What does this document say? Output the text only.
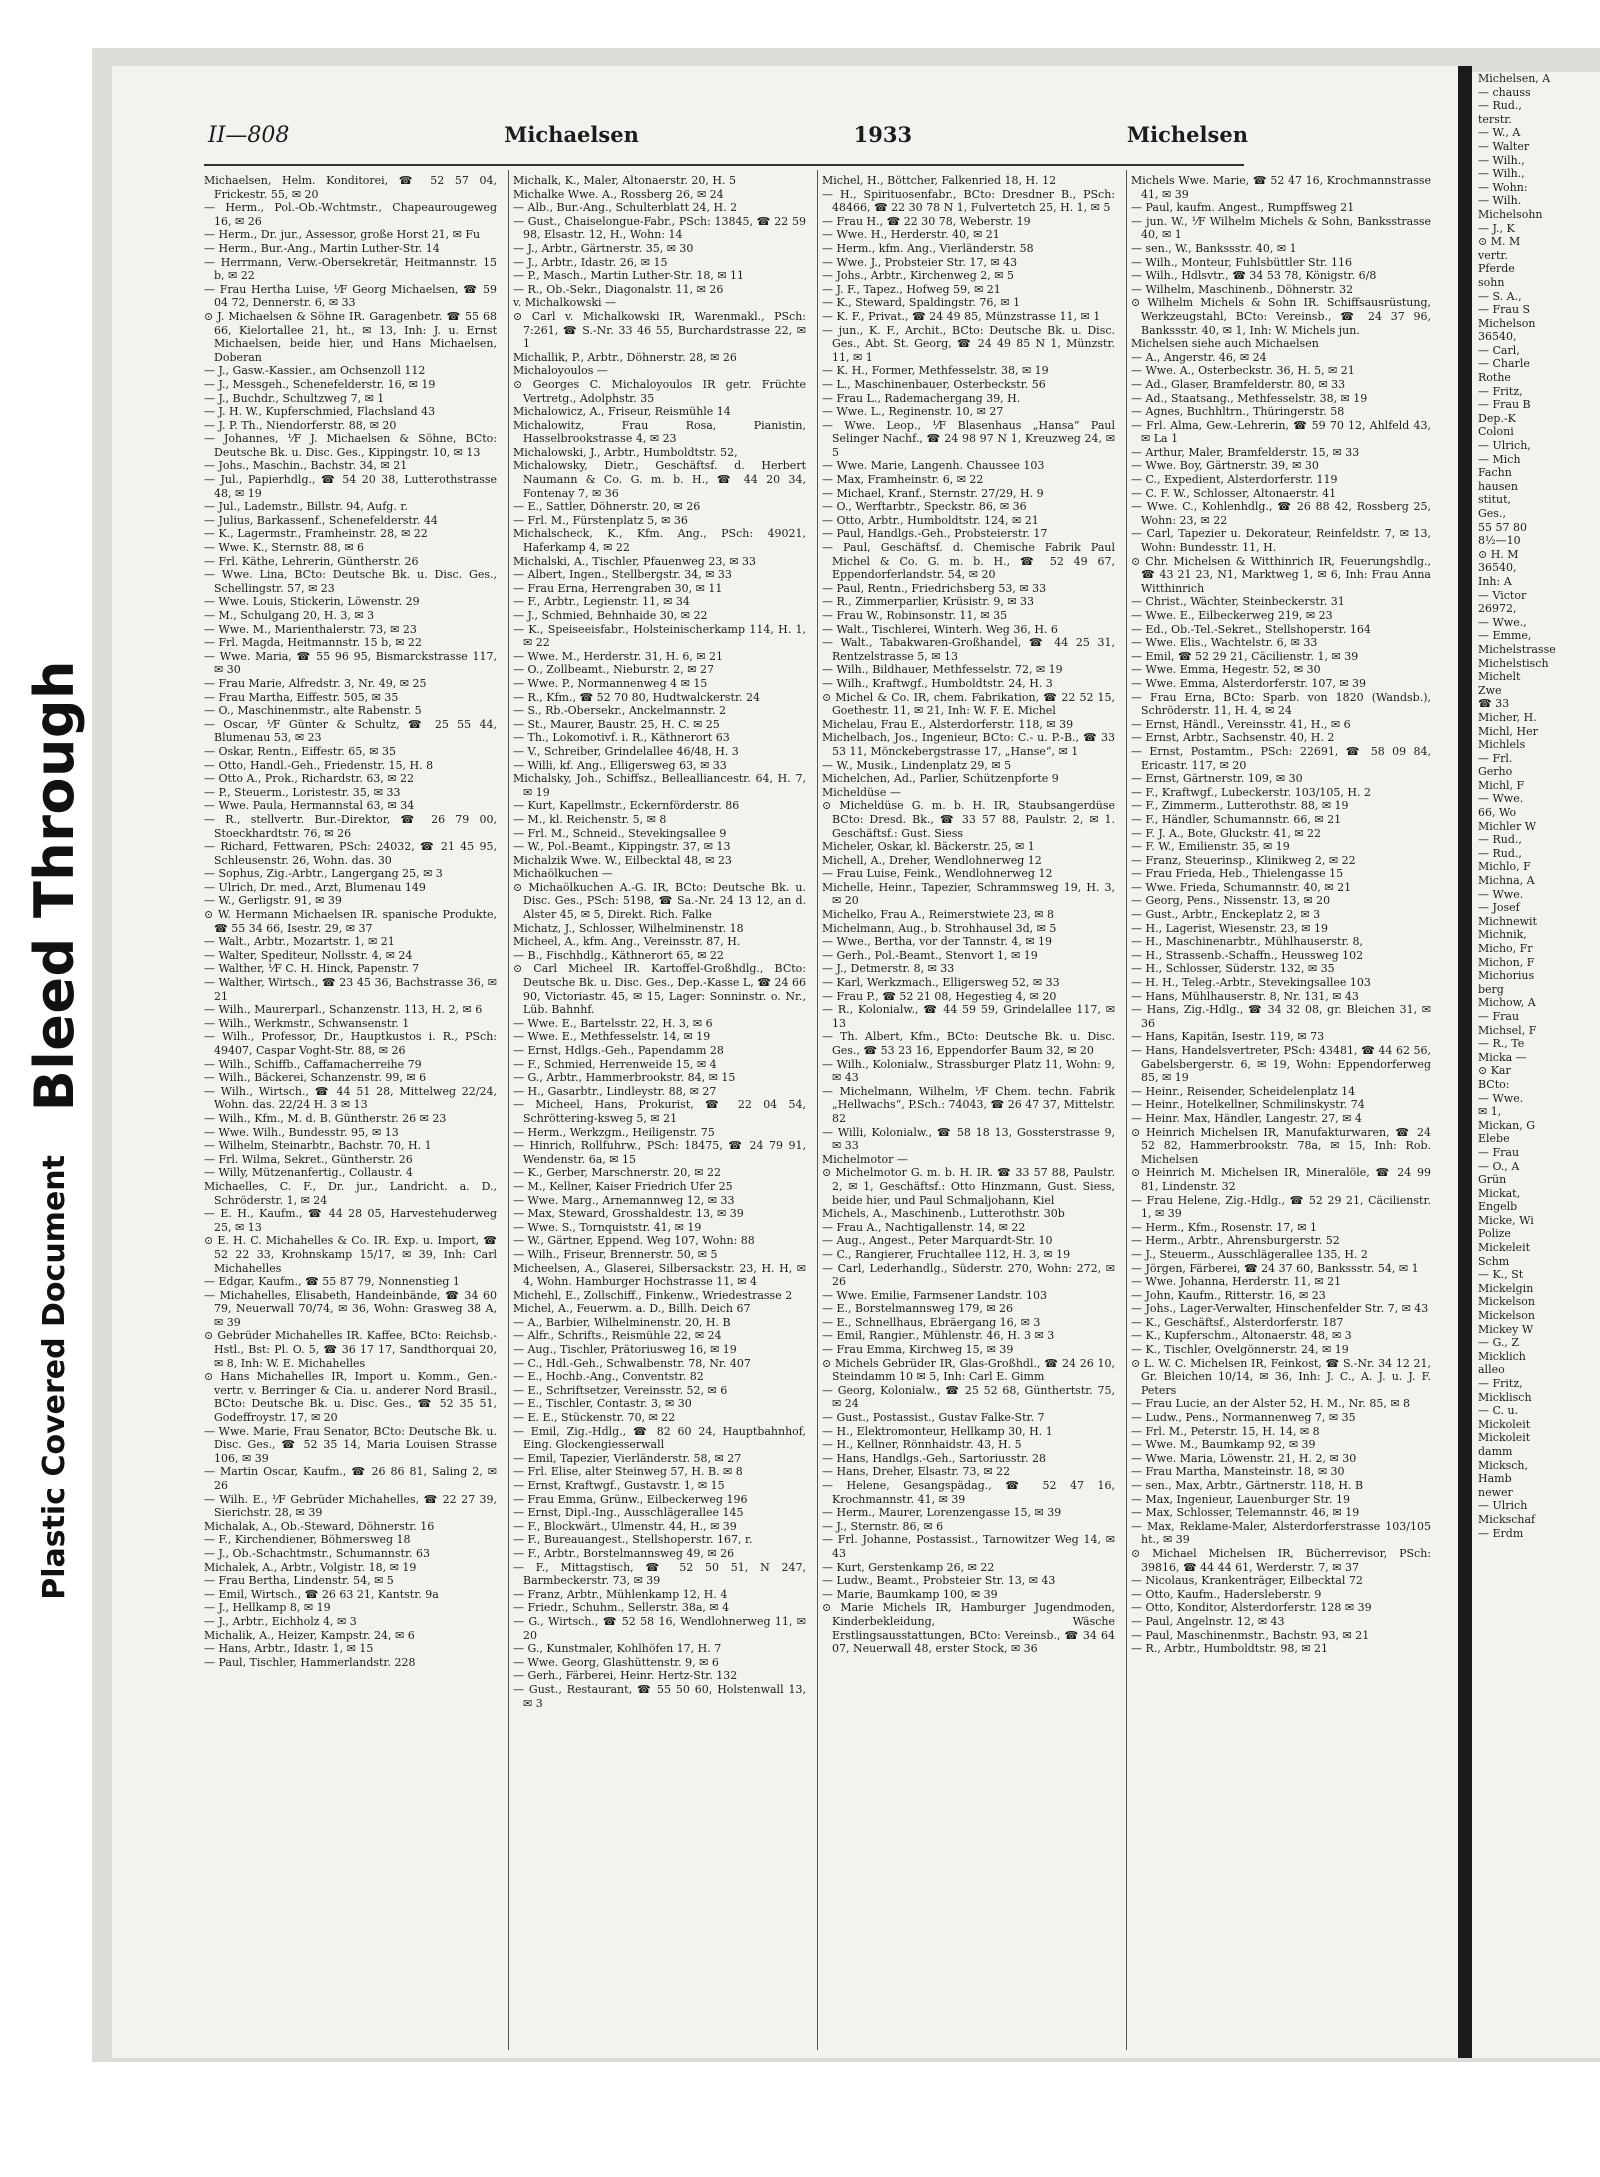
Bleed Through
Plastic Covered Document
II—808	Michaelsen	1933	Michelsen

Michaelsen, Helm. Konditorei, ☎ 52 57 04, Frickestr. 55, ✉ 20

— Herm., Pol.-Ob.-Wchtmstr., Chapeaurougeweg 16, ✉ 26

— Herm., Dr. jur., Assessor, große Horst 21, ✉ Fu

— Herm., Bur.-Ang., Martin Luther-Str. 14

— Herrmann, Verw.-Obersekretär, Heitmannstr. 15 b, ✉ 22

— Frau Hertha Luise, ⅟F Georg Michaelsen, ☎ 59 04 72, Dennerstr. 6, ✉ 33

⊙ J. Michaelsen & Söhne IR. Garagenbetr. ☎ 55 68 66, Kielortallee 21, ht., ✉ 13, Inh: J. u. Ernst Michaelsen, beide hier, und Hans Michaelsen, Doberan

— J., Gasw.-Kassier., am Ochsenzoll 112

— J., Messgeh., Schenefelderstr. 16, ✉ 19

— J., Buchdr., Schultzweg 7, ✉ 1

— J. H. W., Kupferschmied, Flachsland 43

— J. P. Th., Niendorferstr. 88, ✉ 20

— Johannes, ⅟F J. Michaelsen & Söhne, BCto: Deutsche Bk. u. Disc. Ges., Kippingstr. 10, ✉ 13

— Johs., Maschin., Bachstr. 34, ✉ 21

— Jul., Papierhdlg., ☎ 54 20 38, Lutterothstrasse 48, ✉ 19

— Jul., Lademstr., Billstr. 94, Aufg. r.

— Julius, Barkassenf., Schenefelderstr. 44

— K., Lagermstr., Framheinstr. 28, ✉ 22

— Wwe. K., Sternstr. 88, ✉ 6

— Frl. Käthe, Lehrerin, Güntherstr. 26

— Wwe. Lina, BCto: Deutsche Bk. u. Disc. Ges., Schellingstr. 57, ✉ 23

— Wwe. Louis, Stickerin, Löwenstr. 29

— M., Schulgang 20, H. 3, ✉ 3

— Wwe. M., Marienthalerstr. 73, ✉ 23

— Frl. Magda, Heitmannstr. 15 b, ✉ 22

— Wwe. Maria, ☎ 55 96 95, Bismarckstrasse 117, ✉ 30

— Frau Marie, Alfredstr. 3, Nr. 49, ✉ 25

— Frau Martha, Eiffestr. 505, ✉ 35

— O., Maschinenmstr., alte Rabenstr. 5

— Oscar, ⅟F Günter & Schultz, ☎ 25 55 44, Blumenau 53, ✉ 23

— Oskar, Rentn., Eiffestr. 65, ✉ 35

— Otto, Handl.-Geh., Friedenstr. 15, H. 8

— Otto A., Prok., Richardstr. 63, ✉ 22

— P., Steuerm., Loristestr. 35, ✉ 33

— Wwe. Paula, Hermannstal 63, ✉ 34

— R., stellvertr. Bur.-Direktor, ☎ 26 79 00, Stoeckhardtstr. 76, ✉ 26

— Richard, Fettwaren, PSch: 24032, ☎ 21 45 95, Schleusenstr. 26, Wohn. das. 30

— Sophus, Zig.-Arbtr., Langergang 25, ✉ 3

— Ulrich, Dr. med., Arzt, Blumenau 149

— W., Gerligstr. 91, ✉ 39

⊙ W. Hermann Michaelsen IR. spanische Produkte, ☎ 55 34 66, Isestr. 29, ✉ 37

— Walt., Arbtr., Mozartstr. 1, ✉ 21

— Walter, Spediteur, Nollsstr. 4, ✉ 24

— Walther, ⅟F C. H. Hinck, Papenstr. 7

— Walther, Wirtsch., ☎ 23 45 36, Bachstrasse 36, ✉ 21

— Wilh., Maurerparl., Schanzenstr. 113, H. 2, ✉ 6

— Wilh., Werkmstr., Schwansenstr. 1

— Wilh., Professor, Dr., Hauptkustos i. R., PSch: 49407, Caspar Voght-Str. 88, ✉ 26

— Wilh., Schiffb., Caffamacherreihe 79

— Wilh., Bäckerei, Schanzenstr. 99, ✉ 6

— Wilh., Wirtsch., ☎ 44 51 28, Mittelweg 22/24, Wohn. das. 22/24 H. 3 ✉ 13

— Wilh., Kfm., M. d. B. Güntherstr. 26 ✉ 23

— Wwe. Wilh., Bundesstr. 95, ✉ 13

— Wilhelm, Steinarbtr., Bachstr. 70, H. 1

— Frl. Wilma, Sekret., Güntherstr. 26

— Willy, Mützenanfertig., Collaustr. 4

Michaelles, C. F., Dr. jur., Landricht. a. D., Schröderstr. 1, ✉ 24

— E. H., Kaufm., ☎ 44 28 05, Harvestehuderweg 25, ✉ 13

⊙ E. H. C. Michahelles & Co. IR. Exp. u. Import, ☎ 52 22 33, Krohnskamp 15/17, ✉ 39, Inh: Carl Michahelles

— Edgar, Kaufm., ☎ 55 87 79, Nonnenstieg 1

— Michahelles, Elisabeth, Handeinbände, ☎ 34 60 79, Neuerwall 70/74, ✉ 36, Wohn: Grasweg 38 A, ✉ 39

⊙ Gebrüder Michahelles IR. Kaffee, BCto: Reichsb.-Hstl., Bst: Pl. O. 5, ☎ 36 17 17, Sandthorquai 20, ✉ 8, Inh: W. E. Michahelles

⊙ Hans Michahelles IR, Import u. Komm., Gen.-vertr. v. Berringer & Cia. u. anderer Nord Brasil., BCto: Deutsche Bk. u. Disc. Ges., ☎ 52 35 51, Godeffroystr. 17, ✉ 20

— Wwe. Marie, Frau Senator, BCto: Deutsche Bk. u. Disc. Ges., ☎ 52 35 14, Maria Louisen Strasse 106, ✉ 39

— Martin Oscar, Kaufm., ☎ 26 86 81, Saling 2, ✉ 26

— Wilh. E., ⅟F Gebrüder Michahelles, ☎ 22 27 39, Sierichstr. 28, ✉ 39

Michalak, A., Ob.-Steward, Döhnerstr. 16

— F., Kirchendiener, Böhmersweg 18

— J., Ob.-Schachtmstr., Schumannstr. 63

Michalek, A., Arbtr., Volgistr. 18, ✉ 19

— Frau Bertha, Lindenstr. 54, ✉ 5

— Emil, Wirtsch., ☎ 26 63 21, Kantstr. 9a

— J., Hellkamp 8, ✉ 19

— J., Arbtr., Eichholz 4, ✉ 3

Michalik, A., Heizer, Kampstr. 24, ✉ 6

— Hans, Arbtr., Idastr. 1, ✉ 15

— Paul, Tischler, Hammerlandstr. 228

Michalk, K., Maler, Altonaerstr. 20, H. 5

Michalke Wwe. A., Rossberg 26, ✉ 24

— Alb., Bur.-Ang., Schulterblatt 24, H. 2

— Gust., Chaiselongue-Fabr., PSch: 13845, ☎ 22 59 98, Elsastr. 12, H., Wohn: 14

— J., Arbtr., Gärtnerstr. 35, ✉ 30

— J., Arbtr., Idastr. 26, ✉ 15

— P., Masch., Martin Luther-Str. 18, ✉ 11

— R., Ob.-Sekr., Diagonalstr. 11, ✉ 26

v. Michalkowski —

⊙ Carl v. Michalkowski IR, Warenmakl., PSch: 7:261, ☎ S.-Nr. 33 46 55, Burchardstrasse 22, ✉ 1

Michallik, P., Arbtr., Döhnerstr. 28, ✉ 26

Michaloyoulos —

⊙ Georges C. Michaloyoulos IR getr. Früchte Vertretg., Adolphstr. 35

Michalowicz, A., Friseur, Reismühle 14

Michalowitz, Frau Rosa, Pianistin, Hasselbrookstrasse 4, ✉ 23

Michalowski, J., Arbtr., Humboldtstr. 52,

Michalowsky, Dietr., Geschäftsf. d. Herbert Naumann & Co. G. m. b. H., ☎ 44 20 34, Fontenay 7, ✉ 36

— E., Sattler, Döhnerstr. 20, ✉ 26

— Frl. M., Fürstenplatz 5, ✉ 36

Michalscheck, K., Kfm. Ang., PSch: 49021, Haferkamp 4, ✉ 22

Michalski, A., Tischler, Pfauenweg 23, ✉ 33

— Albert, Ingen., Stellbergstr. 34, ✉ 33

— Frau Erna, Herrengraben 30, ✉ 11

— F., Arbtr., Legienstr. 11, ✉ 34

— J., Schmied, Behnhaide 30, ✉ 22

— K., Speiseeisfabr., Holsteinischerkamp 114, H. 1, ✉ 22

— Wwe. M., Herderstr. 31, H. 6, ✉ 21

— O., Zollbeamt., Nieburstr. 2, ✉ 27

— Wwe. P., Normannenweg 4 ✉ 15

— R., Kfm., ☎ 52 70 80, Hudtwalckerstr. 24

— S., Rb.-Obersekr., Anckelmannstr. 2

— St., Maurer, Baustr. 25, H. C. ✉ 25

— Th., Lokomotivf. i. R., Käthnerort 63

— V., Schreiber, Grindelallee 46/48, H. 3

— Willi, kf. Ang., Elligersweg 63, ✉ 33

Michalsky, Joh., Schiffsz., Bellealliancestr. 64, H. 7, ✉ 19

— Kurt, Kapellmstr., Eckernförderstr. 86

— M., kl. Reichenstr. 5, ✉ 8

— Frl. M., Schneid., Stevekingsallee 9

— W., Pol.-Beamt., Kippingstr. 37, ✉ 13

Michalzik Wwe. W., Eilbecktal 48, ✉ 23

Michaölkuchen —

⊙ Michaölkuchen A.-G. IR, BCto: Deutsche Bk. u. Disc. Ges., PSch: 5198, ☎ Sa.-Nr. 24 13 12, an d. Alster 45, ✉ 5, Direkt. Rich. Falke

Michatz, J., Schlosser, Wilhelminenstr. 18

Micheel, A., kfm. Ang., Vereinsstr. 87, H.

— B., Fischhdlg., Käthnerort 65, ✉ 22

⊙ Carl Micheel IR. Kartoffel-Großhdlg., BCto: Deutsche Bk. u. Disc. Ges., Dep.-Kasse L, ☎ 24 66 90, Victoriastr. 45, ✉ 15, Lager: Sonninstr. o. Nr., Lüb. Bahnhf.

— Wwe. E., Bartelsstr. 22, H. 3, ✉ 6

— Wwe. E., Methfesselstr. 14, ✉ 19

— Ernst, Hdlgs.-Geh., Papendamm 28

— F., Schmied, Herrenweide 15, ✉ 4

— G., Arbtr., Hammerbrookstr. 84, ✉ 15

— H., Gasarbtr., Lindleystr. 88, ✉ 27

— Micheel, Hans, Prokurist, ☎ 22 04 54, Schröttering-ksweg 5, ✉ 21

— Herm., Werkzgm., Heiligenstr. 75

— Hinrich, Rollfuhrw., PSch: 18475, ☎ 24 79 91, Wendenstr. 6a, ✉ 15

— K., Gerber, Marschnerstr. 20, ✉ 22

— M., Kellner, Kaiser Friedrich Ufer 25

— Wwe. Marg., Arnemannweg 12, ✉ 33

— Max, Steward, Grosshaldestr. 13, ✉ 39

— Wwe. S., Tornquiststr. 41, ✉ 19

— W., Gärtner, Eppend. Weg 107, Wohn: 88

— Wilh., Friseur, Brennerstr. 50, ✉ 5

Micheelsen, A., Glaserei, Silbersackstr. 23, H. H, ✉ 4, Wohn. Hamburger Hochstrasse 11, ✉ 4

Michehl, E., Zollschiff., Finkenw., Wriedestrasse 2

Michel, A., Feuerwm. a. D., Billh. Deich 67

— A., Barbier, Wilhelminenstr. 20, H. B

— Alfr., Schrifts., Reismühle 22, ✉ 24

— Aug., Tischler, Prätoriusweg 16, ✉ 19

— C., Hdl.-Geh., Schwalbenstr. 78, Nr. 407

— E., Hochb.-Ang., Conventstr. 82

— E., Schriftsetzer, Vereinsstr. 52, ✉ 6

— E., Tischler, Contastr. 3, ✉ 30

— E. E., Stückenstr. 70, ✉ 22

— Emil, Zig.-Hdlg., ☎ 82 60 24, Hauptbahnhof, Eing. Glockengiesserwall

— Emil, Tapezier, Vierländerstr. 58, ✉ 27

— Frl. Elise, alter Steinweg 57, H. B. ✉ 8

— Ernst, Kraftwgf., Gustavstr. 1, ✉ 15

— Frau Emma, Grünw., Eilbeckerweg 196

— Ernst, Dipl.-Ing., Ausschlägerallee 145

— F., Blockwärt., Ulmenstr. 44, H., ✉ 39

— F., Bureauangest., Stellshoperstr. 167, r.

— F., Arbtr., Borstelmannsweg 49, ✉ 26

— F., Mittagstisch, ☎ 52 50 51, N 247, Barmbeckerstr. 73, ✉ 39

— Franz, Arbtr., Mühlenkamp 12, H. 4

— Friedr., Schuhm., Sellerstr. 38a, ✉ 4

— G., Wirtsch., ☎ 52 58 16, Wendlohnerweg 11, ✉ 20

— G., Kunstmaler, Kohlhöfen 17, H. 7

— Wwe. Georg, Glashüttenstr. 9, ✉ 6

— Gerh., Färberei, Heinr. Hertz-Str. 132

— Gust., Restaurant, ☎ 55 50 60, Holstenwall 13, ✉ 3

Michel, H., Böttcher, Falkenried 18, H. 12

— H., Spirituosenfabr., BCto: Dresdner B., PSch: 48466, ☎ 22 30 78 N 1, Fulvertetch 25, H. 1, ✉ 5

— Frau H., ☎ 22 30 78, Weberstr. 19

— Wwe. H., Herderstr. 40, ✉ 21

— Herm., kfm. Ang., Vierländerstr. 58

— Wwe. J., Probsteier Str. 17, ✉ 43

— Johs., Arbtr., Kirchenweg 2, ✉ 5

— J. F., Tapez., Hofweg 59, ✉ 21

— K., Steward, Spaldingstr. 76, ✉ 1

— K. F., Privat., ☎ 24 49 85, Münzstrasse 11, ✉ 1

— jun., K. F., Archit., BCto: Deutsche Bk. u. Disc. Ges., Abt. St. Georg, ☎ 24 49 85 N 1, Münzstr. 11, ✉ 1

— K. H., Former, Methfesselstr. 38, ✉ 19

— L., Maschinenbauer, Osterbeckstr. 56

— Frau L., Rademachergang 39, H.

— Wwe. L., Reginenstr. 10, ✉ 27

— Wwe. Leop., ⅟F Blasenhaus „Hansa“ Paul Selinger Nachf., ☎ 24 98 97 N 1, Kreuzweg 24, ✉ 5

— Wwe. Marie, Langenh. Chaussee 103

— Max, Framheinstr. 6, ✉ 22

— Michael, Kranf., Sternstr. 27/29, H. 9

— O., Werftarbtr., Speckstr. 86, ✉ 36

— Otto, Arbtr., Humboldtstr. 124, ✉ 21

— Paul, Handlgs.-Geh., Probsteierstr. 17

— Paul, Geschäftsf. d. Chemische Fabrik Paul Michel & Co. G. m. b. H., ☎ 52 49 67, Eppendorferlandstr. 54, ✉ 20

— Paul, Rentn., Friedrichsberg 53, ✉ 33

— R., Zimmerparlier, Krüsistr. 9, ✉ 33

— Frau W., Robinsonstr. 11, ✉ 35

— Walt., Tischlerei, Winterh. Weg 36, H. 6

— Walt., Tabakwaren-Großhandel, ☎ 44 25 31, Rentzelstrasse 5, ✉ 13

— Wilh., Bildhauer, Methfesselstr. 72, ✉ 19

— Wilh., Kraftwgf., Humboldtstr. 24, H. 3

⊙ Michel & Co. IR, chem. Fabrikation, ☎ 22 52 15, Goethestr. 11, ✉ 21, Inh: W. F. E. Michel

Michelau, Frau E., Alsterdorferstr. 118, ✉ 39

Michelbach, Jos., Ingenieur, BCto: C.- u. P.-B., ☎ 33 53 11, Mönckebergstrasse 17, „Hanse“, ✉ 1

— W., Musik., Lindenplatz 29, ✉ 5

Michelchen, Ad., Parlier, Schützenpforte 9

Micheldüse —

⊙ Micheldüse G. m. b. H. IR, Staubsangerdüse BCto: Dresd. Bk., ☎ 33 57 88, Paulstr. 2, ✉ 1. Geschäftsf.: Gust. Siess

Micheler, Oskar, kl. Bäckerstr. 25, ✉ 1

Michell, A., Dreher, Wendlohnerweg 12

— Frau Luise, Feink., Wendlohnerweg 12

Michelle, Heinr., Tapezier, Schrammsweg 19, H. 3, ✉ 20

Michelko, Frau A., Reimerstwiete 23, ✉ 8

Michelmann, Aug., b. Strohhausel 3d, ✉ 5

— Wwe., Bertha, vor der Tannstr. 4, ✉ 19

— Gerh., Pol.-Beamt., Stenvort 1, ✉ 19

— J., Detmerstr. 8, ✉ 33

— Karl, Werkzmach., Elligersweg 52, ✉ 33

— Frau P., ☎ 52 21 08, Hegestieg 4, ✉ 20

— R., Kolonialw., ☎ 44 59 59, Grindelallee 117, ✉ 13

— Th. Albert, Kfm., BCto: Deutsche Bk. u. Disc. Ges., ☎ 53 23 16, Eppendorfer Baum 32, ✉ 20

— Wilh., Kolonialw., Strassburger Platz 11, Wohn: 9, ✉ 43

— Michelmann, Wilhelm, ⅟F Chem. techn. Fabrik „Hellwachs“, P.Sch.: 74043, ☎ 26 47 37, Mittelstr. 82

— Willi, Kolonialw., ☎ 58 18 13, Gossterstrasse 9, ✉ 33

Michelmotor —

⊙ Michelmotor G. m. b. H. IR. ☎ 33 57 88, Paulstr. 2, ✉ 1, Geschäftsf.: Otto Hinzmann, Gust. Siess, beide hier, und Paul Schmaljohann, Kiel

Michels, A., Maschinenb., Lutterothstr. 30b

— Frau A., Nachtigallenstr. 14, ✉ 22

— Aug., Angest., Peter Marquardt-Str. 10

— C., Rangierer, Fruchtallee 112, H. 3, ✉ 19

— Carl, Lederhandlg., Süderstr. 270, Wohn: 272, ✉ 26

— Wwe. Emilie, Farmsener Landstr. 103

— E., Borstelmannsweg 179, ✉ 26

— E., Schnellhaus, Ebräergang 16, ✉ 3

— Emil, Rangier., Mühlenstr. 46, H. 3 ✉ 3

— Frau Emma, Kirchweg 15, ✉ 39

⊙ Michels Gebrüder IR, Glas-Großhdl., ☎ 24 26 10, Steindamm 10 ✉ 5, Inh: Carl E. Gimm

— Georg, Kolonialw., ☎ 25 52 68, Günthertstr. 75, ✉ 24

— Gust., Postassist., Gustav Falke-Str. 7

— H., Elektromonteur, Hellkamp 30, H. 1

— H., Kellner, Rönnhaidstr. 43, H. 5

— Hans, Handlgs.-Geh., Sartoriusstr. 28

— Hans, Dreher, Elsastr. 73, ✉ 22

— Helene, Gesangspädag., ☎ 52 47 16, Krochmannstr. 41, ✉ 39

— Herm., Maurer, Lorenzengasse 15, ✉ 39

— J., Sternstr. 86, ✉ 6

— Frl. Johanne, Postassist., Tarnowitzer Weg 14, ✉ 43

— Kurt, Gerstenkamp 26, ✉ 22

— Ludw., Beamt., Probsteier Str. 13, ✉ 43

— Marie, Baumkamp 100, ✉ 39

⊙ Marie Michels IR, Hamburger Jugendmoden, Kinderbekleidung, Wäsche Erstlingsausstattungen, BCto: Vereinsb., ☎ 34 64 07, Neuerwall 48, erster Stock, ✉ 36

Michels Wwe. Marie, ☎ 52 47 16, Krochmannstrasse 41, ✉ 39

— Paul, kaufm. Angest., Rumpffsweg 21

— jun. W., ⅟F Wilhelm Michels & Sohn, Banksstrasse 40, ✉ 1

— sen., W., Bankssstr. 40, ✉ 1

— Wilh., Monteur, Fuhlsbüttler Str. 116

— Wilh., Hdlsvtr., ☎ 34 53 78, Königstr. 6/8

— Wilhelm, Maschinenb., Döhnerstr. 32

⊙ Wilhelm Michels & Sohn IR. Schiffsausrüstung, Werkzeugstahl, BCto: Vereinsb., ☎ 24 37 96, Bankssstr. 40, ✉ 1, Inh: W. Michels jun.

Michelsen siehe auch Michaelsen

— A., Angerstr. 46, ✉ 24

— Wwe. A., Osterbeckstr. 36, H. 5, ✉ 21

— Ad., Glaser, Bramfelderstr. 80, ✉ 33

— Ad., Staatsang., Methfesselstr. 38, ✉ 19

— Agnes, Buchhltrn., Thüringerstr. 58

— Frl. Alma, Gew.-Lehrerin, ☎ 59 70 12, Ahlfeld 43, ✉ La 1

— Arthur, Maler, Bramfelderstr. 15, ✉ 33

— Wwe. Boy, Gärtnerstr. 39, ✉ 30

— C., Expedient, Alsterdorferstr. 119

— C. F. W., Schlosser, Altonaerstr. 41

— Wwe. C., Kohlenhdlg., ☎ 26 88 42, Rossberg 25, Wohn: 23, ✉ 22

— Carl, Tapezier u. Dekorateur, Reinfeldstr. 7, ✉ 13, Wohn: Bundesstr. 11, H.

⊙ Chr. Michelsen & Witthinrich IR, Feuerungshdlg., ☎ 43 21 23, N1, Marktweg 1, ✉ 6, Inh: Frau Anna Witthinrich

— Christ., Wächter, Steinbeckerstr. 31

— Wwe. E., Eilbeckerweg 219, ✉ 23

— Ed., Ob.-Tel.-Sekret., Stellshoperstr. 164

— Wwe. Elis., Wachtelstr. 6, ✉ 33

— Emil, ☎ 52 29 21, Cäcilienstr. 1, ✉ 39

— Wwe. Emma, Hegestr. 52, ✉ 30

— Wwe. Emma, Alsterdorferstr. 107, ✉ 39

— Frau Erna, BCto: Sparb. von 1820 (Wandsb.), Schröderstr. 11, H. 4, ✉ 24

— Ernst, Händl., Vereinsstr. 41, H., ✉ 6

— Ernst, Arbtr., Sachsenstr. 40, H. 2

— Ernst, Postamtm., PSch: 22691, ☎ 58 09 84, Ericastr. 117, ✉ 20

— Ernst, Gärtnerstr. 109, ✉ 30

— F., Kraftwgf., Lubeckerstr. 103/105, H. 2

— F., Zimmerm., Lutterothstr. 88, ✉ 19

— F., Händler, Schumannstr. 66, ✉ 21

— F. J. A., Bote, Gluckstr. 41, ✉ 22

— F. W., Emilienstr. 35, ✉ 19

— Franz, Steuerinsp., Klinikweg 2, ✉ 22

— Frau Frieda, Heb., Thielengasse 15

— Wwe. Frieda, Schumannstr. 40, ✉ 21

— Georg, Pens., Nissenstr. 13, ✉ 20

— Gust., Arbtr., Enckeplatz 2, ✉ 3

— H., Lagerist, Wiesenstr. 23, ✉ 19

— H., Maschinenarbtr., Mühlhauserstr. 8,

— H., Strassenb.-Schaffn., Heussweg 102

— H., Schlosser, Süderstr. 132, ✉ 35

— H. H., Teleg.-Arbtr., Stevekingsallee 103

— Hans, Mühlhauserstr. 8, Nr. 131, ✉ 43

— Hans, Zig.-Hdlg., ☎ 34 32 08, gr. Bleichen 31, ✉ 36

— Hans, Kapitän, Isestr. 119, ✉ 73

— Hans, Handelsvertreter, PSch: 43481, ☎ 44 62 56, Gabelsbergerstr. 6, ✉ 19, Wohn: Eppendorferweg 85, ✉ 19

— Heinr., Reisender, Scheidelenplatz 14

— Heinr., Hotelkellner, Schmilinskystr. 74

— Heinr. Max, Händler, Langestr. 27, ✉ 4

⊙ Heinrich Michelsen IR, Manufakturwaren, ☎ 24 52 82, Hammerbrookstr. 78a, ✉ 15, Inh: Rob. Michelsen

⊙ Heinrich M. Michelsen IR, Mineralöle, ☎ 24 99 81, Lindenstr. 32

— Frau Helene, Zig.-Hdlg., ☎ 52 29 21, Cäcilienstr. 1, ✉ 39

— Herm., Kfm., Rosenstr. 17, ✉ 1

— Herm., Arbtr., Ahrensburgerstr. 52

— J., Steuerm., Ausschlägerallee 135, H. 2

— Jörgen, Färberei, ☎ 24 37 60, Bankssstr. 54, ✉ 1

— Wwe. Johanna, Herderstr. 11, ✉ 21

— John, Kaufm., Ritterstr. 16, ✉ 23

— Johs., Lager-Verwalter, Hinschenfelder Str. 7, ✉ 43

— K., Geschäftsf., Alsterdorferstr. 187

— K., Kupferschm., Altonaerstr. 48, ✉ 3

— K., Tischler, Ovelgönnerstr. 24, ✉ 19

⊙ L. W. C. Michelsen IR, Feinkost, ☎ S.-Nr. 34 12 21, Gr. Bleichen 10/14, ✉ 36, Inh: J. C., A. J. u. J. F. Peters

— Frau Lucie, an der Alster 52, H. M., Nr. 85, ✉ 8

— Ludw., Pens., Normannenweg 7, ✉ 35

— Frl. M., Peterstr. 15, H. 14, ✉ 8

— Wwe. M., Baumkamp 92, ✉ 39

— Wwe. Maria, Löwenstr. 21, H. 2, ✉ 30

— Frau Martha, Mansteinstr. 18, ✉ 30

— sen., Max, Arbtr., Gärtnerstr. 118, H. B

— Max, Ingenieur, Lauenburger Str. 19

— Max, Schlosser, Telemannstr. 46, ✉ 19

— Max, Reklame-Maler, Alsterdorferstrasse 103/105 ht., ✉ 39

⊙ Michael Michelsen IR, Bücherrevisor, PSch: 39816, ☎ 44 44 61, Werderstr. 7, ✉ 37

— Nicolaus, Krankenträger, Eilbecktal 72

— Otto, Kaufm., Hadersleberstr. 9

— Otto, Konditor, Alsterdorferstr. 128 ✉ 39

— Paul, Angelnstr. 12, ✉ 43

— Paul, Maschinenmstr., Bachstr. 93, ✉ 21

— R., Arbtr., Humboldtstr. 98, ✉ 21

Michelsen, A
— chauss
— Rud.,
terstr.
— W., A
— Walter
— Wilh.,
— Wilh.,
— Wohn:
— Wilh.
Michelsohn
— J., K
⊙ M. M
vertr.
Pferde
sohn
— S. A.,
— Frau S
Michelson
36540,
— Carl,
— Charle
Rothe
— Fritz,
— Frau B
Dep.-K
Coloni
— Ulrich,
— Mich
Fachn
hausen
stitut,
Ges.,
55 57 80
8½—10
⊙ H. M
36540,
Inh: A
— Victor
26972,
— Wwe.,
— Emme,
Michelstrasse
Michelstisch
Michelt
Zwe
☎ 33
Micher, H.
Michl, Her
Michlels
— Frl.
Gerho
Michl, F
— Wwe.
66, Wo
Michler W
— Rud.,
— Rud.,
Michlo, F
Michna, A
— Wwe.
— Josef
Michnewit
Michnik,
Micho, Fr
Michon, F
Michorius
berg
Michow, A
— Frau
Michsel, F
— R., Te
Micka —
⊙ Kar
BCto:
— Wwe.
✉ 1,
Mickan, G
Elebe
— Frau
— O., A
Grün
Mickat,
Engelb
Micke, Wi
Polize
Mickeleit
Schm
— K., St
Mickelgin
Mickelson
Mickelson
Mickey W
— G., Z
Micklich
alleo
— Fritz,
Micklisch
— C. u.
Mickoleit
Mickoleit
damm
Micksch,
Hamb
newer
— Ulrich
Mickschaf
— Erdm
